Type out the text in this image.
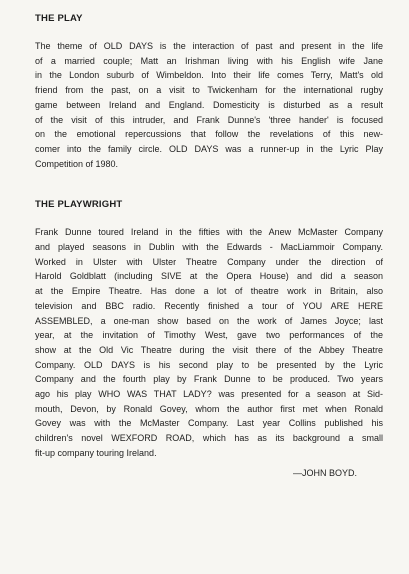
THE PLAY

The theme of OLD DAYS is the interaction of past and present in the life
of a married couple; Matt an Irishman living with his English wife Jane
in the London suburb of Wimbeldon. Into their life comes Terry, Matt's old
friend from the past, on a visit to Twickenham for the international rugby
game between Ireland and England. Domesticity is disturbed as a result
of the visit of this intruder, and Frank Dunne's 'three hander' is focused
on the emotional repercussions that follow the revelations of this new-
comer into the family circle. OLD DAYS was a runner-up in the Lyric Play
Competition of 1980.

THE PLAYWRIGHT

Frank Dunne toured Ireland in the fifties with the Anew McMaster Company
and played seasons in Dublin with the Edwards - MacLiammoir Company.
Worked in Ulster with Ulster Theatre Company under the direction of
Harold Goldblatt (including SIVE at the Opera House) and did a season
at the Empire Theatre. Has done a lot of theatre work in Britain, also
television and BBC radio. Recently finished a tour of YOU ARE HERE
ASSEMBLED, a one-man show based on the work of James Joyce; last
year, at the invitation of Timothy West, gave two performances of the
show at the Old Vic Theatre during the visit there of the Abbey Theatre
Company. OLD DAYS is his second play to be presented by the Lyric
Company and the fourth play by Frank Dunne to be produced. Two years
ago his play WHO WAS THAT LADY? was presented for a season at Sid-
mouth, Devon, by Ronald Govey, whom the author first met when Ronald
Govey was with the McMaster Company. Last year Collins published his
children's novel WEXFORD ROAD, which has as its background a small
fit-up company touring Ireland.

—JOHN BOYD.
